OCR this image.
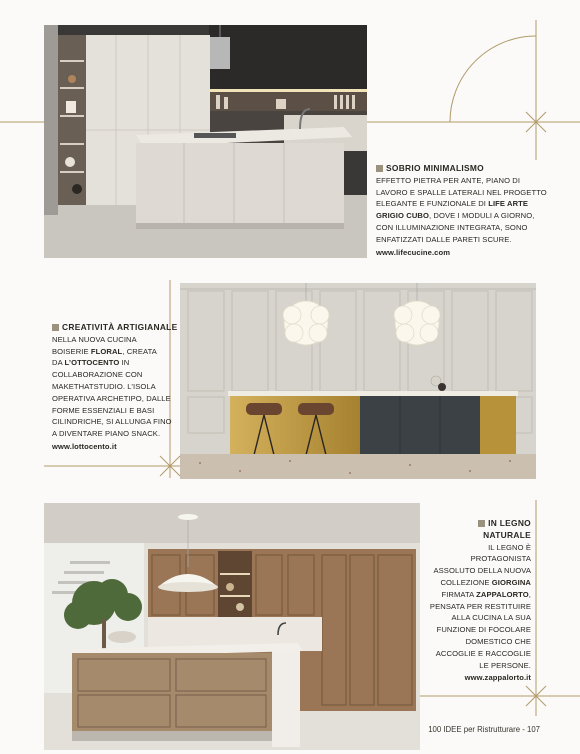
SOBRIO MINIMALISMO
EFFETTO PIETRA PER ANTE, PIANO DI
LAVORO E SPALLE LATERALI NEL PROGETTO
ELEGANTE E FUNZIONALE DI LIFE ARTE
GRIGIO CUBO, DOVE I MODULI A GIORNO,
CON ILLUMINAZIONE INTEGRATA, SONO
ENFATIZZATI DALLE PARETI SCURE.
www.lifecucine.com
CREATIVITÀ ARTIGIANALE
NELLA NUOVA CUCINA
BOISERIE FLORAL, CREATA
DA L’OTTOCENTO IN
COLLABORAZIONE CON
MAKETHATSTUDIO. L’ISOLA
OPERATIVA ARCHETIPO, DALLE
FORME ESSENZIALI E BASI
CILINDRICHE, SI ALLUNGA FINO
A DIVENTARE PIANO SNACK.
www.lottocento.it
IN LEGNO
NATURALE
IL LEGNO È
PROTAGONISTA
ASSOLUTO DELLA NUOVA
COLLEZIONE GIORGINA
FIRMATA ZAPPALORTO,
PENSATA PER RESTITUIRE
ALLA CUCINA LA SUA
FUNZIONE DI FOCOLARE
DOMESTICO CHE
ACCOGLIE E RACCOGLIE
LE PERSONE.
www.zappalorto.it
100 IDEE per Ristrutturare - 107
